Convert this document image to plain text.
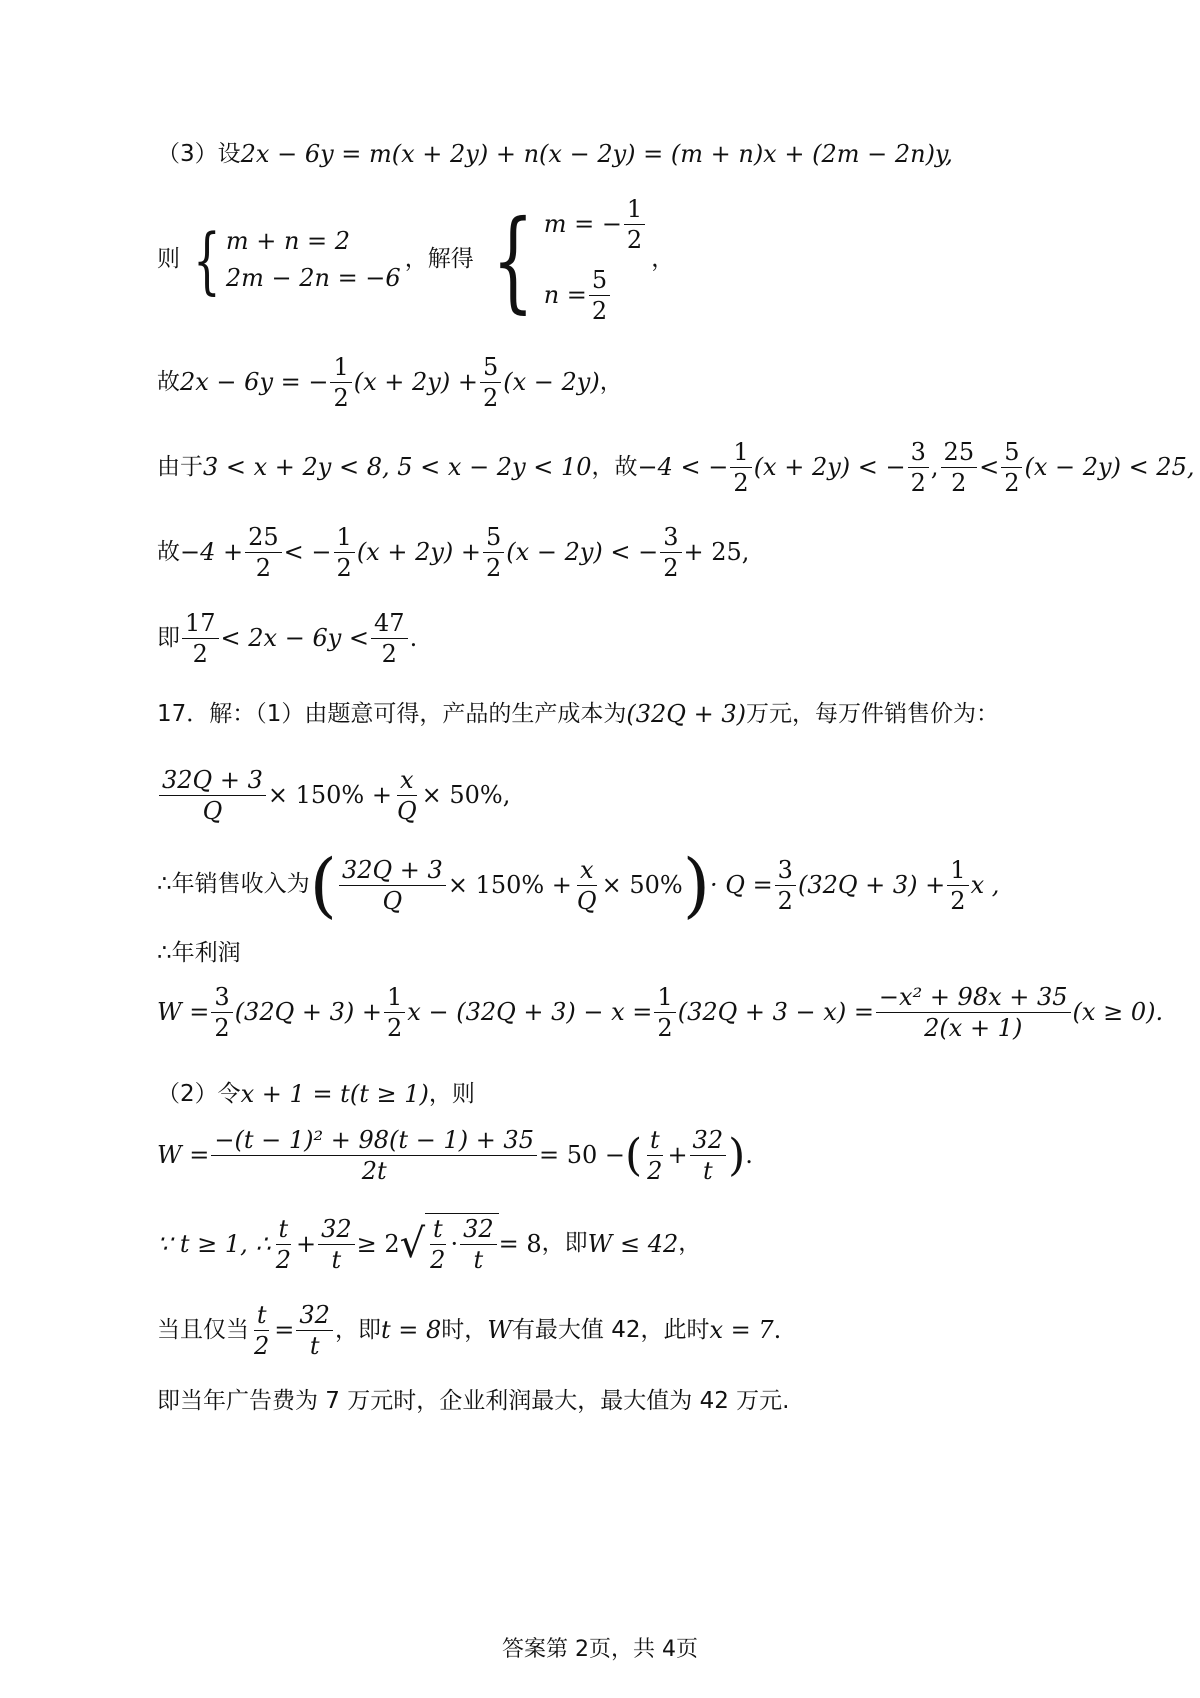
（3）设 2x − 6y = m(x + 2y) + n(x − 2y) = (m + n)x + (2m − 2n)y,
则 { m + n = 2
2m − 2n = −6
，解得 { m = − $\frac{1}{2}$
$n = \frac{5}{2}$
，
故 2x − 6y = − $\frac{1}{2} (x + 2y) + \frac{5}{2} (x - 2y)$ ，
由于 3 < x + 2y < 8, 5 < x − 2y < 10 ，故 −4 < − $\frac{1}{2} (x + 2y)$ < − $\frac{3}{2}$ , $\frac{25}{2} < \frac{5}{2} (x - 2y) < 25$,
故 $-4 + \frac{25}{2}$ < − $\frac{1}{2} (x + 2y) + \frac{5}{2} (x - 2y)$ < − $\frac{3}{2} + 25$,
即 $\frac{17}{2} < 2x - 6y < \frac{47}{2}$ .
17．解：（1）由题意可得，产品的生产成本为 (32Q + 3) 万元，每万件销售价为：
$\frac{32Q + 3}{Q} \times 150\% + \frac{x}{Q} \times 50\%$,
∴年销售收入为 ( $\frac{32Q + 3}{Q} \times 150\% + \frac{x}{Q} \times 50\%$ ) · $Q = \frac{3}{2} (32Q + 3) + \frac{1}{2}$ x ,
∴年利润
$W = \frac{3}{2} (32Q + 3) + \frac{1}{2}$ $x - (32Q + 3) - x = \frac{1}{2} (32Q + 3 - x) = \frac{\text{−x² + 98x + 35}}{2(x + 1)} (x \ge 0)$.
（2）令 x + 1 = t(t ≥ 1) ，则
$W = \frac{\text{−(t − 1)² + 98(t − 1) + 35}}{2t} = 50$ − ( $\frac{t}{2} + \frac{32}{t}$ ) .
∵ t ≥ 1, ∴ $\frac{t}{2} + \frac{32}{t} \ge 2$ √ $\frac{t}{2} \cdot \frac{32}{t} = 8$ ，即 W ≤ 42 ，
当且仅当 $\frac{t}{2} = \frac{32}{t}$ ，即 t = 8 时， W 有最大值 42，此时 x = 7 .
即当年广告费为 7 万元时，企业利润最大，最大值为 42 万元.
答案第 2页，共 4页
